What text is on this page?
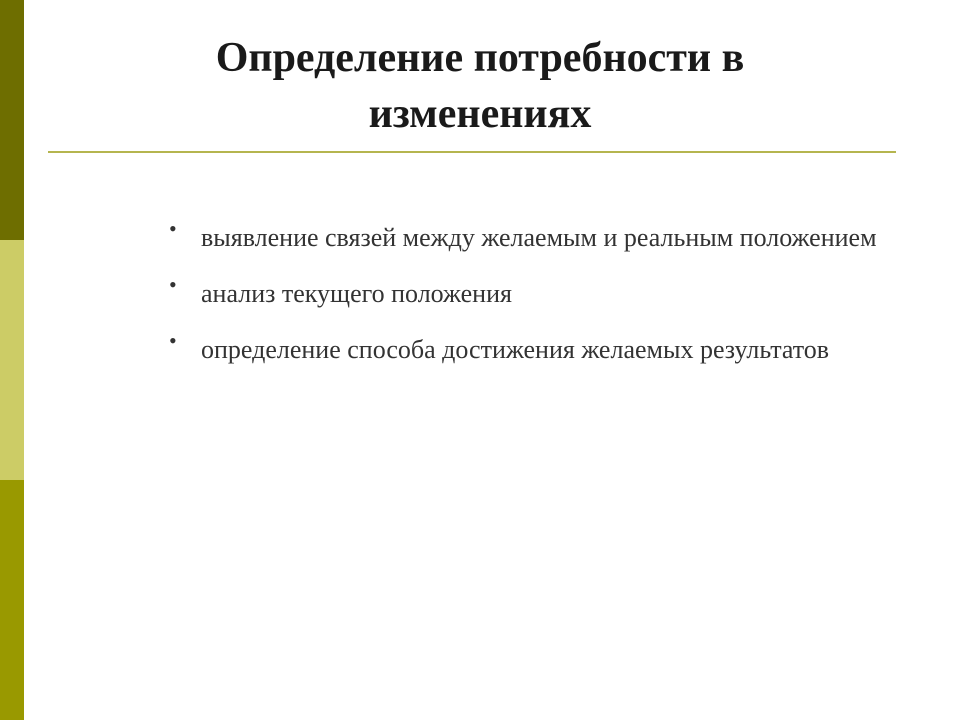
Определение потребности в
изменениях
• выявление связей между желаемым и реальным положением
• анализ текущего положения
• определение способа достижения желаемых результатов
